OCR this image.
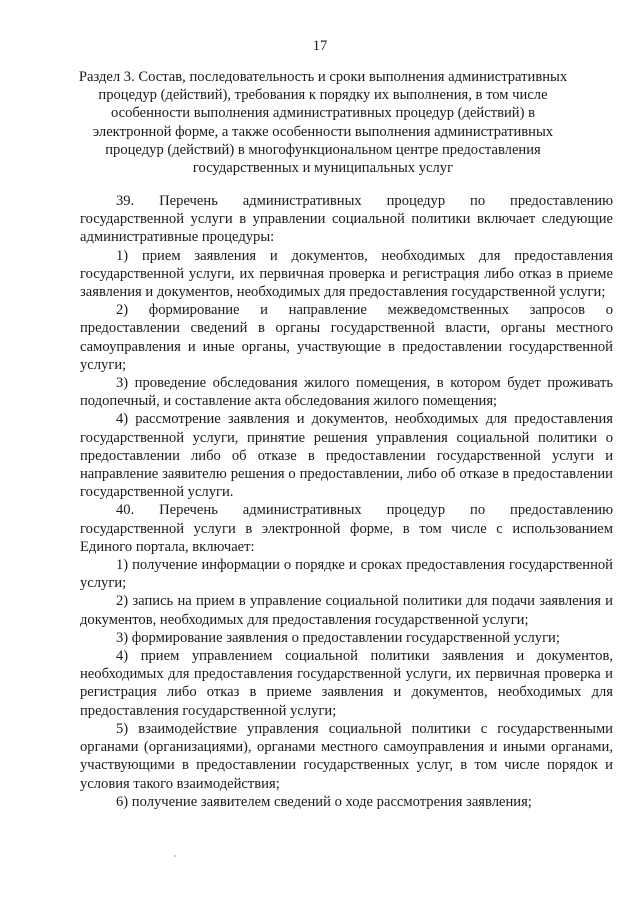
17
Раздел 3. Состав, последовательность и сроки выполнения административных процедур (действий), требования к порядку их выполнения, в том числе особенности выполнения административных процедур (действий) в электронной форме, а также особенности выполнения административных процедур (действий) в многофункциональном центре предоставления государственных и муниципальных услуг

39. Перечень административных процедур по предоставлению государственной услуги в управлении социальной политики включает следующие административные процедуры:

1) прием заявления и документов, необходимых для предоставления государственной услуги, их первичная проверка и регистрация либо отказ в приеме заявления и документов, необходимых для предоставления государственной услуги;

2) формирование и направление межведомственных запросов о предоставлении сведений в органы государственной власти, органы местного самоуправления и иные органы, участвующие в предоставлении государственной услуги;

3) проведение обследования жилого помещения, в котором будет проживать подопечный, и составление акта обследования жилого помещения;

4) рассмотрение заявления и документов, необходимых для предоставления государственной услуги, принятие решения управления социальной политики о предоставлении либо об отказе в предоставлении государственной услуги и направление заявителю решения о предоставлении, либо об отказе в предоставлении государственной услуги.

40. Перечень административных процедур по предоставлению государственной услуги в электронной форме, в том числе с использованием Единого портала, включает:

1) получение информации о порядке и сроках предоставления государственной услуги;

2) запись на прием в управление социальной политики для подачи заявления и документов, необходимых для предоставления государственной услуги;

3) формирование заявления о предоставлении государственной услуги;

4) прием управлением социальной политики заявления и документов, необходимых для предоставления государственной услуги, их первичная проверка и регистрация либо отказ в приеме заявления и документов, необходимых для предоставления государственной услуги;

5) взаимодействие управления социальной политики с государственными органами (организациями), органами местного самоуправления и иными органами, участвующими в предоставлении государственных услуг, в том числе порядок и условия такого взаимодействия;

6) получение заявителем сведений о ходе рассмотрения заявления;
